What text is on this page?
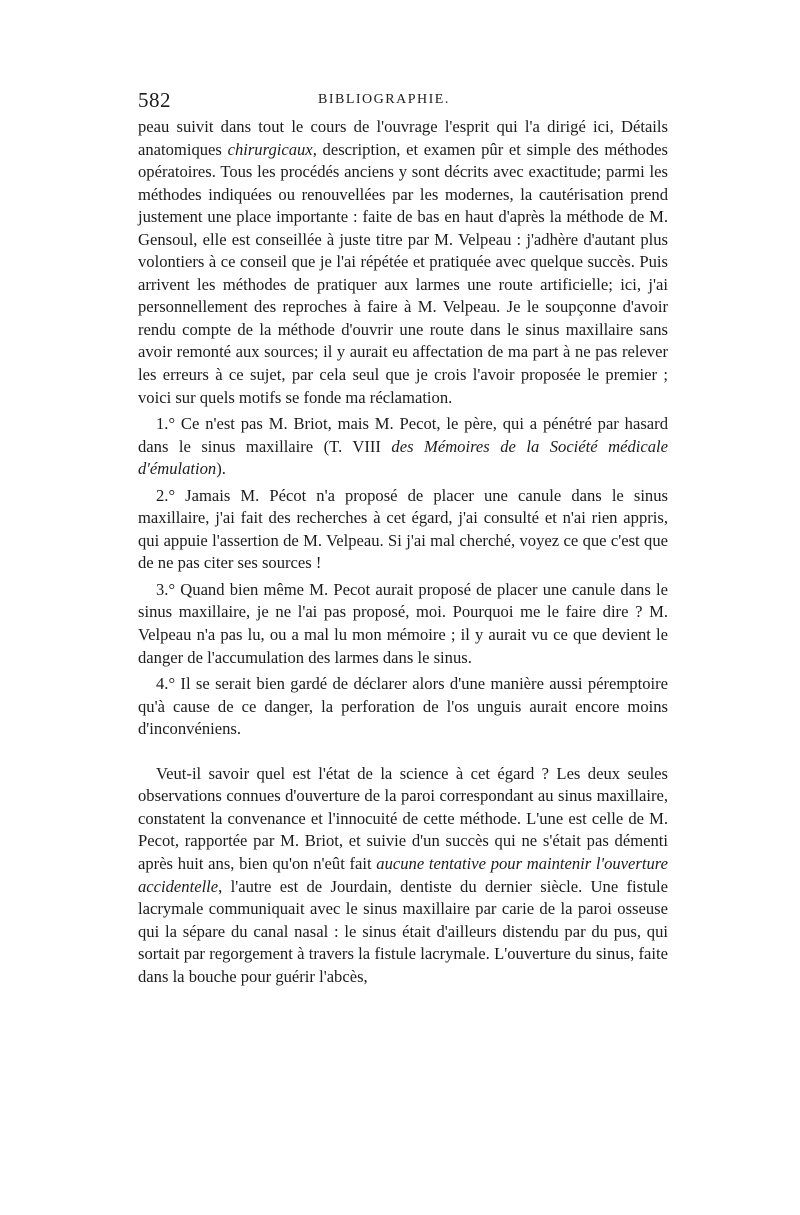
582	BIBLIOGRAPHIE.

peau suivit dans tout le cours de l'ouvrage l'esprit qui l'a dirigé ici, Détails anatomiques chirurgicaux, description, et examen pûr et simple des méthodes opératoires. Tous les procédés anciens y sont décrits avec exactitude; parmi les méthodes indiquées ou renouvellées par les modernes, la cautérisation prend justement une place importante : faite de bas en haut d'après la méthode de M. Gensoul, elle est conseillée à juste titre par M. Velpeau : j'adhère d'autant plus volontiers à ce conseil que je l'ai répétée et pratiquée avec quelque succès. Puis arrivent les méthodes de pratiquer aux larmes une route artificielle; ici, j'ai personnellement des reproches à faire à M. Velpeau. Je le soupçonne d'avoir rendu compte de la méthode d'ouvrir une route dans le sinus maxillaire sans avoir remonté aux sources; il y aurait eu affectation de ma part à ne pas relever les erreurs à ce sujet, par cela seul que je crois l'avoir proposée le premier ; voici sur quels motifs se fonde ma réclamation.

1.° Ce n'est pas M. Briot, mais M. Pecot, le père, qui a pénétré par hasard dans le sinus maxillaire (T. VIII des Mémoires de la Société médicale d'émulation).

2.° Jamais M. Pécot n'a proposé de placer une canule dans le sinus maxillaire, j'ai fait des recherches à cet égard, j'ai consulté et n'ai rien appris, qui appuie l'assertion de M. Velpeau. Si j'ai mal cherché, voyez ce que c'est que de ne pas citer ses sources !

3.° Quand bien même M. Pecot aurait proposé de placer une canule dans le sinus maxillaire, je ne l'ai pas proposé, moi. Pourquoi me le faire dire ? M. Velpeau n'a pas lu, ou a mal lu mon mémoire ; il y aurait vu ce que devient le danger de l'accumulation des larmes dans le sinus.

4.° Il se serait bien gardé de déclarer alors d'une manière aussi péremptoire qu'à cause de ce danger, la perforation de l'os unguis aurait encore moins d'inconvéniens.

Veut-il savoir quel est l'état de la science à cet égard ? Les deux seules observations connues d'ouverture de la paroi correspondant au sinus maxillaire, constatent la convenance et l'innocuité de cette méthode. L'une est celle de M. Pecot, rapportée par M. Briot, et suivie d'un succès qui ne s'était pas démenti après huit ans, bien qu'on n'eût fait aucune tentative pour maintenir l'ouverture accidentelle, l'autre est de Jourdain, dentiste du dernier siècle. Une fistule lacrymale communiquait avec le sinus maxillaire par carie de la paroi osseuse qui la sépare du canal nasal : le sinus était d'ailleurs distendu par du pus, qui sortait par regorgement à travers la fistule lacrymale. L'ouverture du sinus, faite dans la bouche pour guérir l'abcès,
